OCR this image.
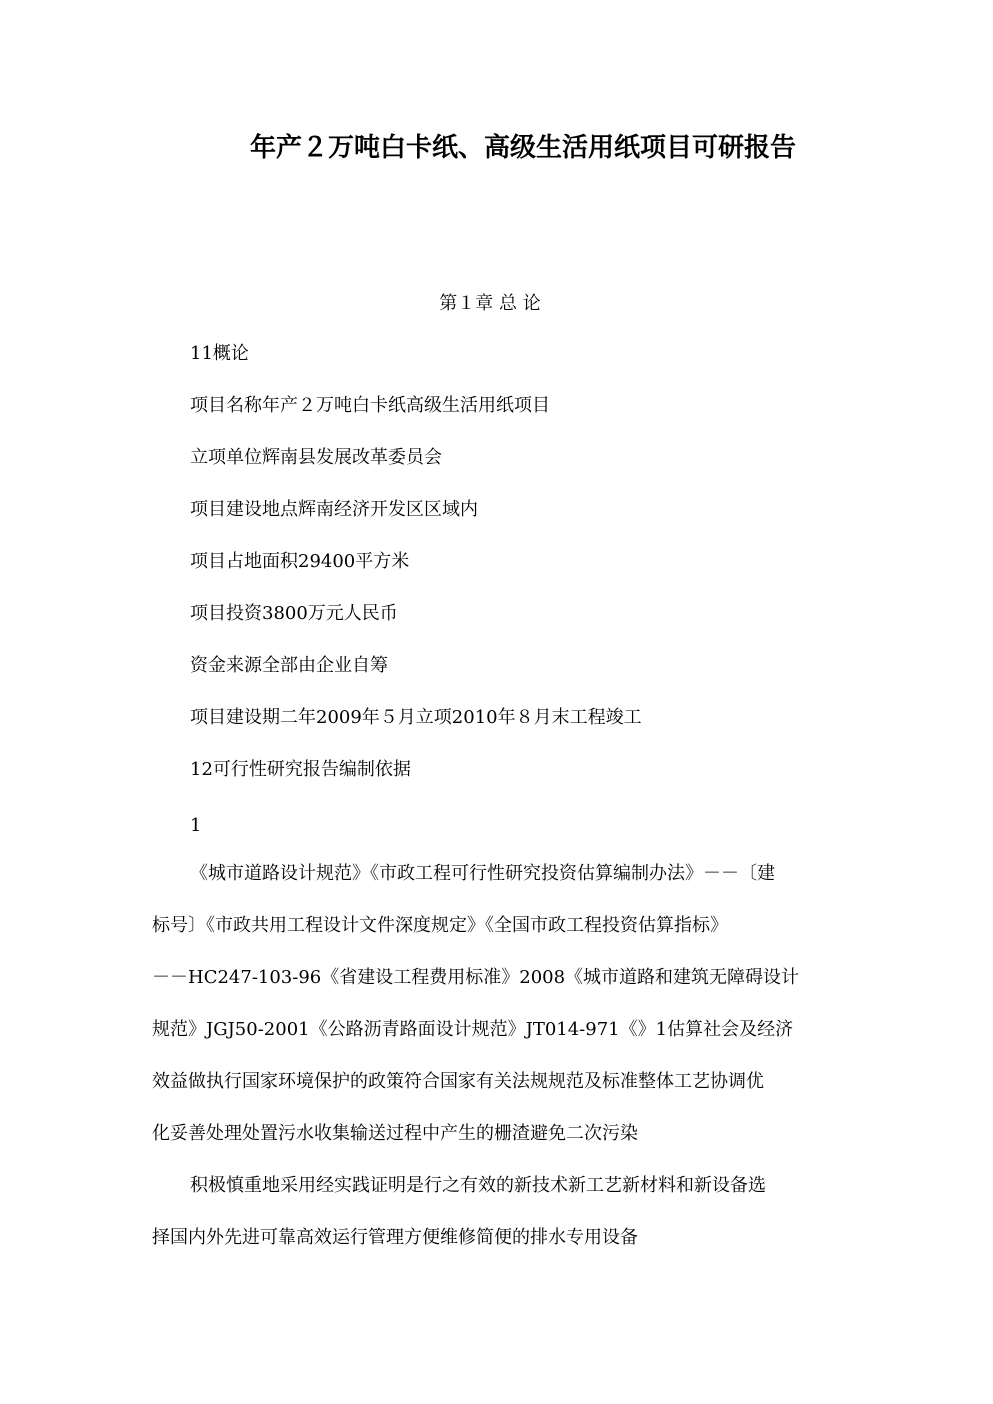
年产２万吨白卡纸、高级生活用纸项目可研报告
第１章 总 论
11概论
项目名称年产２万吨白卡纸高级生活用纸项目
立项单位辉南县发展改革委员会
项目建设地点辉南经济开发区区域内
项目占地面积29400平方米
项目投资3800万元人民币
资金来源全部由企业自筹
项目建设期二年2009年５月立项2010年８月末工程竣工
12可行性研究报告编制依据
1
《城市道路设计规范》《市政工程可行性研究投资估算编制办法》－－〔建
标号〕《市政共用工程设计文件深度规定》《全国市政工程投资估算指标》
－－HC247-103-96《省建设工程费用标准》2008《城市道路和建筑无障碍设计
规范》JGJ50-2001《公路沥青路面设计规范》JT014-971《》1估算社会及经济
效益做执行国家环境保护的政策符合国家有关法规规范及标准整体工艺协调优
化妥善处理处置污水收集输送过程中产生的栅渣避免二次污染
积极慎重地采用经实践证明是行之有效的新技术新工艺新材料和新设备选
择国内外先进可靠高效运行管理方便维修简便的排水专用设备
